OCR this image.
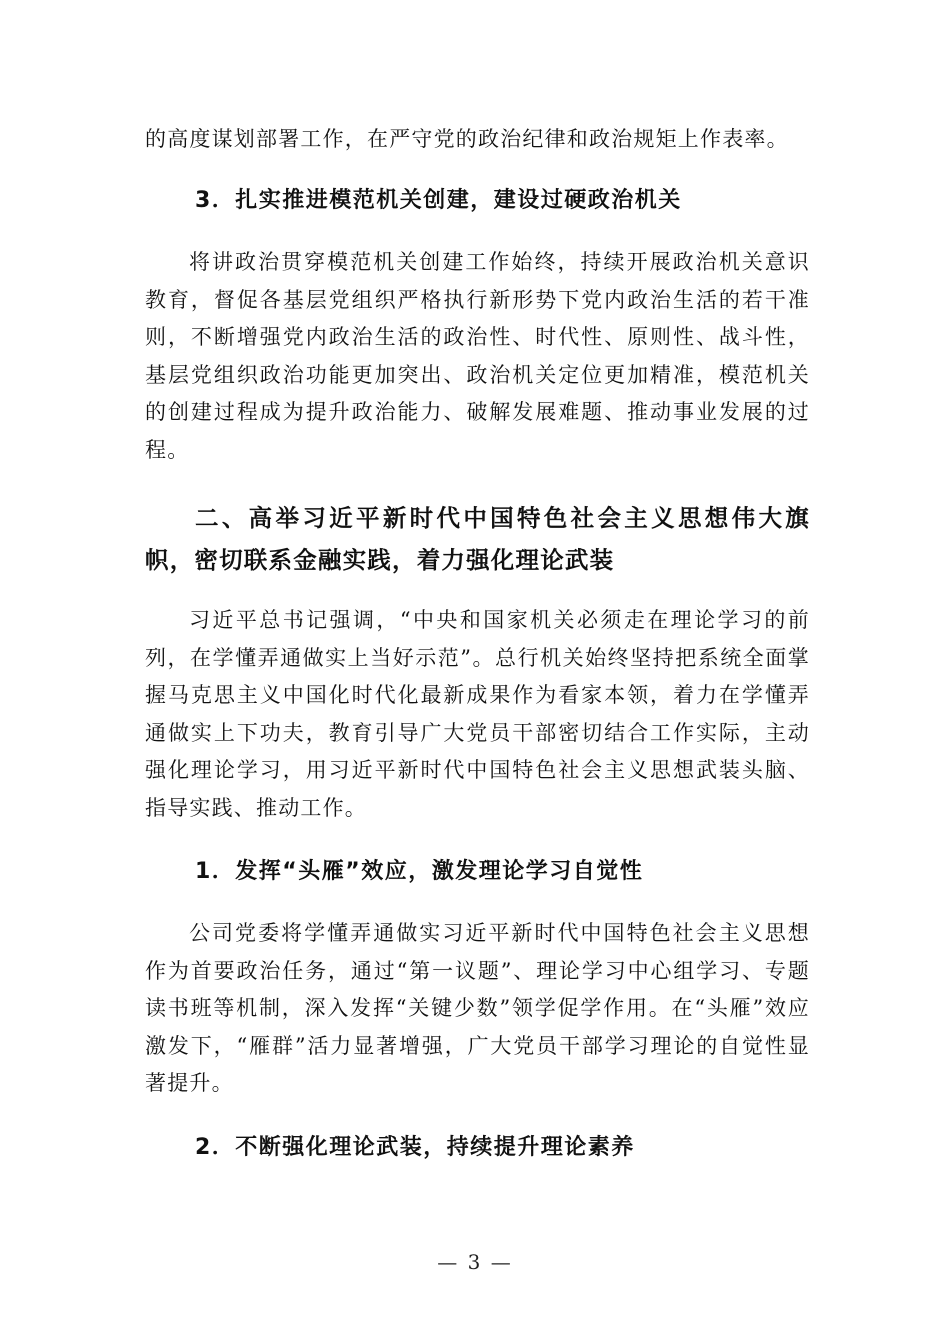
的高度谋划部署工作，在严守党的政治纪律和政治规矩上作表率。

3．扎实推进模范机关创建，建设过硬政治机关

将讲政治贯穿模范机关创建工作始终，持续开展政治机关意识教育，督促各基层党组织严格执行新形势下党内政治生活的若干准则，不断增强党内政治生活的政治性、时代性、原则性、战斗性，基层党组织政治功能更加突出、政治机关定位更加精准，模范机关的创建过程成为提升政治能力、破解发展难题、推动事业发展的过程。

二、高举习近平新时代中国特色社会主义思想伟大旗帜，密切联系金融实践，着力强化理论武装

习近平总书记强调，“中央和国家机关必须走在理论学习的前列，在学懂弄通做实上当好示范”。总行机关始终坚持把系统全面掌握马克思主义中国化时代化最新成果作为看家本领，着力在学懂弄通做实上下功夫，教育引导广大党员干部密切结合工作实际，主动强化理论学习，用习近平新时代中国特色社会主义思想武装头脑、指导实践、推动工作。

1．发挥“头雁”效应，激发理论学习自觉性

公司党委将学懂弄通做实习近平新时代中国特色社会主义思想作为首要政治任务，通过“第一议题”、理论学习中心组学习、专题读书班等机制，深入发挥“关键少数”领学促学作用。在“头雁”效应激发下，“雁群”活力显著增强，广大党员干部学习理论的自觉性显著提升。

2．不断强化理论武装，持续提升理论素养
— 3 —
